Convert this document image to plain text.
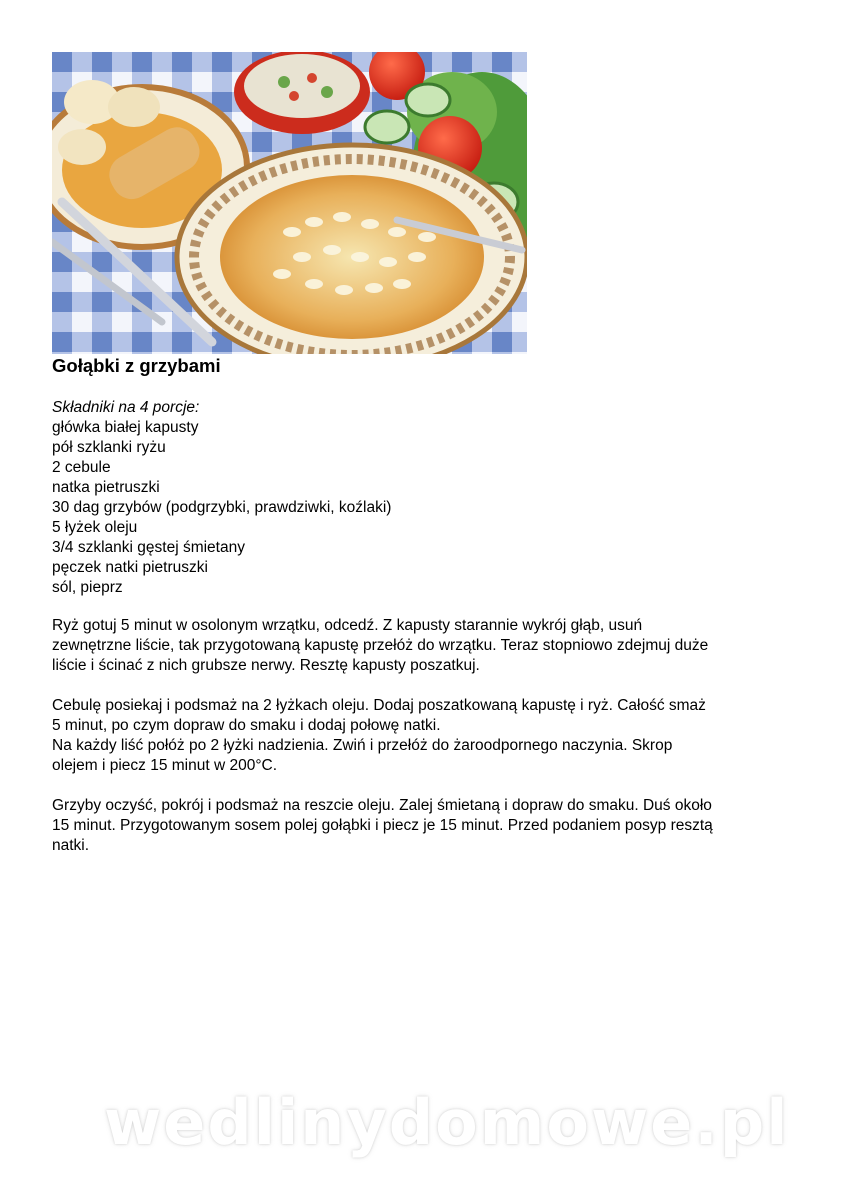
Gołąbki z grzybami
Składniki na 4 porcje:
główka białej kapusty
pół szklanki ryżu
2 cebule
natka pietruszki
30 dag grzybów (podgrzybki, prawdziwki, koźlaki)
5 łyżek oleju
3/4 szklanki gęstej śmietany
pęczek natki pietruszki
sól, pieprz

Ryż gotuj 5 minut w osolonym wrzątku, odcedź. Z kapusty starannie wykrój głąb, usuń
zewnętrzne liście, tak przygotowaną kapustę przełóż do wrzątku. Teraz stopniowo zdejmuj duże
liście i ścinać z nich grubsze nerwy. Resztę kapusty poszatkuj.

Cebulę posiekaj i podsmaż na 2 łyżkach oleju. Dodaj poszatkowaną kapustę i ryż. Całość smaż
5 minut, po czym dopraw do smaku i dodaj połowę natki.
Na każdy liść połóż po 2 łyżki nadzienia. Zwiń i przełóż do żaroodpornego naczynia. Skrop
olejem i piecz 15 minut w 200°C.

Grzyby oczyść, pokrój i podsmaż na reszcie oleju. Zalej śmietaną i dopraw do smaku. Duś około
15 minut. Przygotowanym sosem polej gołąbki i piecz je 15 minut. Przed podaniem posyp resztą
natki.

wedlinydomowe.pl
